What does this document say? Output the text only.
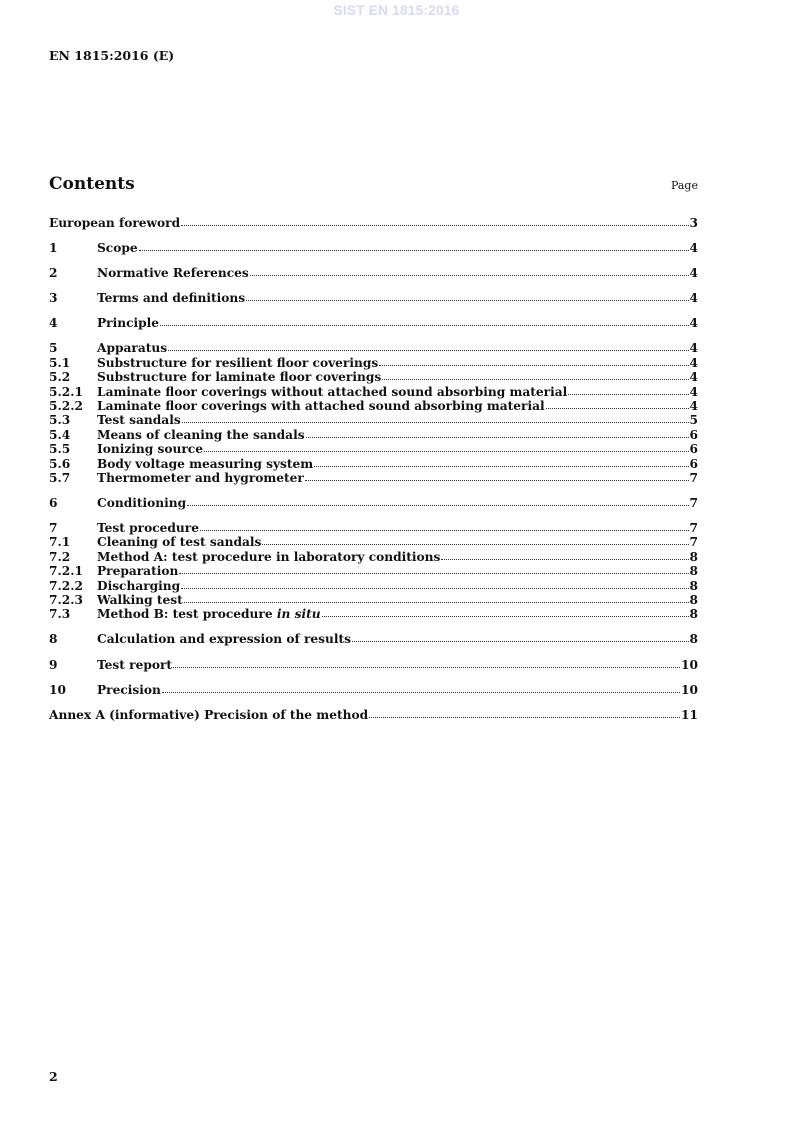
SIST EN 1815:2016
EN 1815:2016 (E)
Contents	Page
European foreword	3
1	Scope	4
2	Normative References	4
3	Terms and definitions	4
4	Principle	4
5	Apparatus	4
5.1	Substructure for resilient floor coverings	4
5.2	Substructure for laminate floor coverings	4
5.2.1	Laminate floor coverings without attached sound absorbing material	4
5.2.2	Laminate floor coverings with attached sound absorbing material	4
5.3	Test sandals	5
5.4	Means of cleaning the sandals	6
5.5	Ionizing source	6
5.6	Body voltage measuring system	6
5.7	Thermometer and hygrometer	7
6	Conditioning	7
7	Test procedure	7
7.1	Cleaning of test sandals	7
7.2	Method A: test procedure in laboratory conditions	8
7.2.1	Preparation	8
7.2.2	Discharging	8
7.2.3	Walking test	8
7.3	Method B: test procedure in situ	8
8	Calculation and expression of results	8
9	Test report	10
10	Precision	10
Annex A (informative) Precision of the method	11
2
